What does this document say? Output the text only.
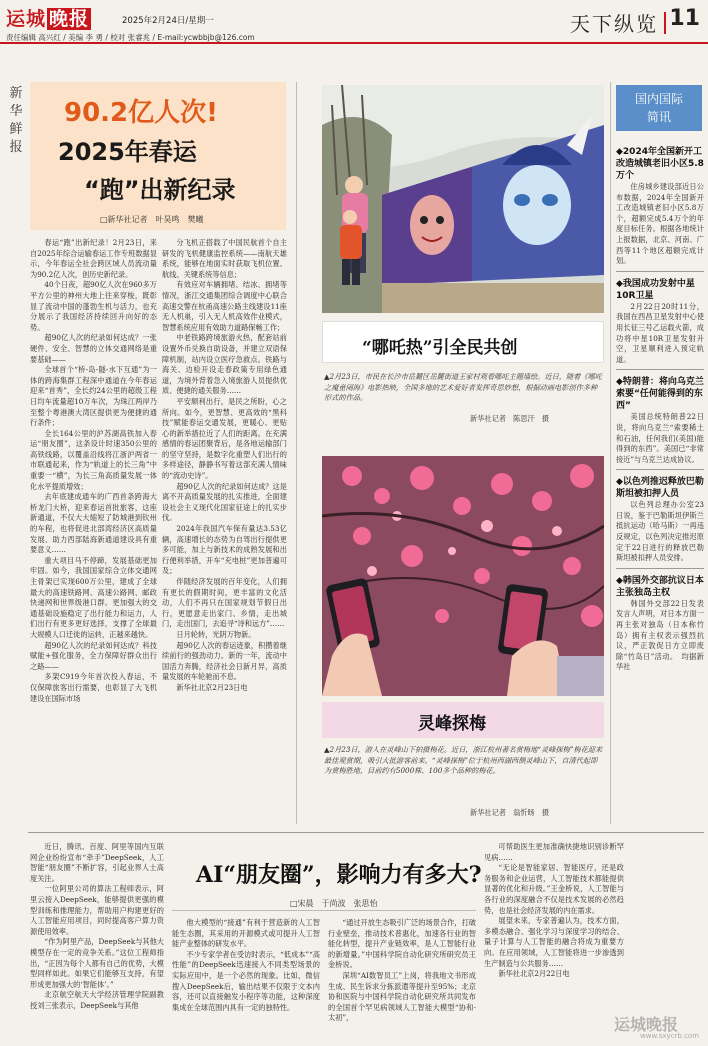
运城 晚报	2025年2月24日/星期一
责任编辑 高兴红 / 美编 李 勇 / 校对 张睿兆 / E-mail:ycwbbjb@126.com
天下纵览 11
新华鲜报
90.2亿人次!
2025年春运
“跑”出新纪录
□新华社记者　叶昊鸣　樊曦

春运“跑”出新纪录！2月23日，来自2025年综合运输春运工作专班数据显示，今年春运全社会跨区域人员流动量为90.2亿人次，创历史新纪录。

40个日夜，超90亿人次在960多万平方公里的神州大地上往来穿梭，既彰显了流动中国的蓬勃生机与活力，也充分展示了我国经济持续回升向好的态势。

超90亿人次的纪录如何达成？一张硬件、安全、智慧的立体交通网络是重要基础——

全球首个“桥-岛-隧-水下互通”为一体的跨海集群工程深中通道在今年春运迎来“首秀”，全长约24公里的超级工程日均车流量超10万车次，为珠江两岸乃至整个粤港澳大湾区提供更为便捷的通行条件；

全长164公里的沪苏湖高铁加入春运“朋友圈”，这条设计时速350公里的高铁线路，以覆盖沿线将江浙沪两省一市联通起来，作为“轨道上的长三角”中重要一“横”，为长三角高质量发展一体化水平提质增效；

去年底建成通车的广西首条跨海大桥龙门大桥，迎来春运首批旅客，这座新通道，不仅大大缩短了防城港到钦州的车程，也将促进北部湾经济区高质量发展、助力西部陆海新通道建设具有重要意义……

重大项目马不停蹄，发展基础更加牢固。如今，我国国家综合立体交通网主骨架已实现600万公里，建成了全球最大的高速铁路网、高速公路网、邮政快递网和世界级港口群。更加强大的交通基础设施稳定了出行能力和运力，人们出行有更多更好选择，支撑了全球最大规模人口迁徙的运转，正越来越快。

超90亿人次的纪录如何达成？科技赋能+强化服务，全力保障好群众出行之路——

多架C919今年首次投入春运，不仅保障旅客出行需要，也彰显了大飞机建设在国际市场

分飞机正搭载了中国民航首个自主研发的飞机健康监控系统——南航天雄系统，能够在地面实时获取飞机位置、航线、关键系统等信息；

有效应对车辆拥堵、结冰、拥堵等情况，浙江交通集团综合调度中心联合高速交警在杭甬高速公路主线建设11座无人机巢，引入无人机高效作业模式，智慧系统应用有效助力道路保畅工作；

中老铁路跨境旅游火热，配套站前设置外币兑换自助设备，并建立双语保障机制，站内设立医疗急救点。铁路与海关、边检开设走春政策专用绿色通道，为境外背着急入境旅游人员提供优质、便捷的通关服务……

平安顺利出行，是民之所盼，心之所向。如今，更智慧、更高效的“黑科技”赋能春运交通发展，更暖心、更贴心的新举措拉近了人们的距离。在充满感情的春运团聚背后，是各地运输部门的坚守坚持，是数字化重塑人们出行的多样途径，静静书写着这部充满人情味的“流动史诗”。

超90亿人次的纪录如何达成？这是离不开高质量发展的扎实推进，全面建设社会主义现代化国家征途上的扎实步伐。

2024年我国汽车保有量达3.53亿辆，高速增长的态势为自驾出行提供更多可能，加上与新技术的成熟发展和出行便利举措，开车“充电桩”更加普遍可及；

伴随经济发展的百年变化，人们拥有更长的假期时间，更丰富的文化活动，人们不再只在国家规划节假日出行，更愿意走出家门、乡情，走出城门，走出国门，去追寻“诗和远方”……

日月轮转，光阴万物新。

超90亿人次的春运迹象，积攒着继续前行的强劲动力。新的一年，流动中国活力奔腾，经济社会日新月异，高质量发展的车轮驰而不息。

新华社北京2月23日电

“哪吒热”引全民共创
▲2月23日，市民在长沙市岳麓区岳麓街道王家村观看哪吒主题墙绘。近日，随着《哪吒之魔童闹海》电影热映，全国多地的艺术爱好者发挥奇思妙想，根据动画电影创作多种形式的作品。
新华社记者　陈思汗　摄
灵峰探梅
▲2月23日，游人在灵峰山下拍摄梅花。近日，浙江杭州著名赏梅地“灵峰探梅”梅花迎来最佳观赏期，吸引大批游客前来。“灵峰探梅”位于杭州西湖西侧灵峰山下，自清代起即为赏梅胜地，目前约有5000株、100多个品种的梅花。
新华社记者　翁忻旸　摄
国内国际
简讯
◆2024年全国新开工改造城镇老旧小区5.8万个
住房城乡建设部近日公布数据，2024年全国新开工改造城镇老旧小区5.8万个，超额完成5.4万个的年度目标任务。根据各地统计上报数据，北京、河南、广西等11个地区超额完成计划。
◆我国成功发射中星10R卫星
2月22日20时11分，我国在西昌卫星发射中心使用长征三号乙运载火箭，成功将中星10R卫星发射升空，卫星顺利进入预定轨道。
◆特朗普：将向乌克兰索要“任何能得到的东西”
美国总统特朗普22日说，将向乌克兰“索要稀土和石油，任何我们(美国)能得到的东西”。美国已“非常接近”与乌克兰达成协议。
◆以色列推迟释放巴勒斯坦被扣押人员
以色列总理办公室23日说，鉴于巴勒斯坦伊斯兰抵抗运动（哈马斯）一再违反规定，以色列决定推迟原定于22日进行的释放巴勒斯坦被扣押人员安排。
◆韩国外交部抗议日本主张独岛主权
韩国外交部22日发表发言人声明，对日本方面一再主张对独岛（日本称竹岛）拥有主权表示强烈抗议，严正敦促日方立即废除“竹岛日”活动。　均据新华社

近日，腾讯、百度、阿里等国内互联网企业纷纷宣布“牵手”DeepSeek，人工智能“朋友圈”不断扩容，引起业界人士高度关注。

一位阿里公司的算法工程师表示，阿里云接入DeepSeek，能够提供更强的模型训练和推理能力，帮助用户构建更好的人工智能应用项目，同时提高客户算力资源使用效率。

“作为阿里产品，DeepSeek与其他大模型存在一定的竞争关系。”这位工程师指出，“正因为每个人都有自己的优势，大模型同样如此。如果它们能够互支持，有望形成更加强大的‘智能体’。”

北京航空航天大学经济管理学院副教授刘三张表示，DeepSeek与其他

AI“朋友圈”，影响力有多大?
□宋晨　于尚波　张思怡

他大模型的“接通”有利于营造新的人工智能生态圈，其采用的开源模式或可提升人工智能产业整体的研发水平。

不少专家学者在受访时表示，“低成本”“高性能”的DeepSeek迅速接入不同类型场景的实际应用中，是一个必然的现象。比如，微信搜入DeepSeek后，输出结果不仅限于文本内容，还可以直接触发小程序等功能，这种深度集成在全球范围内具有一定的独特性。

“通过开放生态吸引广泛的场景合作，打破行业壁垒，推动技术普惠化，加速各行业的智能化转型，提升产业链效率，是人工智能行业的新增量。”中国科学院自动化研究所研究员王金桥说。

深圳“AI数智员工”上岗，将我地文书形成生成、民生诉求分拣派遣等提升至95%；北京协和医院与中国科学院自动化研究所共同发布的全国首个罕见病领域人工智能大模型“协和·太初”，

可帮助医生更加准确快捷地识别诊断罕见病……

“无论是智能家居、智能医疗，还是政务服务和企业运营，人工智能技术都能提供显著的优化和升级。”王金桥说，人工智能与各行业的深度融合不仅是技术发展的必然趋势，也是社会经济发展的内在需求。

展望未来，专家普遍认为，技术方面，多模态融合、强化学习与深度学习的结合、量子计算与人工智能的融合将成为重要方向。在应用领域，人工智能将进一步渗透到生产制造与公共服务……

新华社北京2月22日电

运城晚报
www.sxycrb.com
